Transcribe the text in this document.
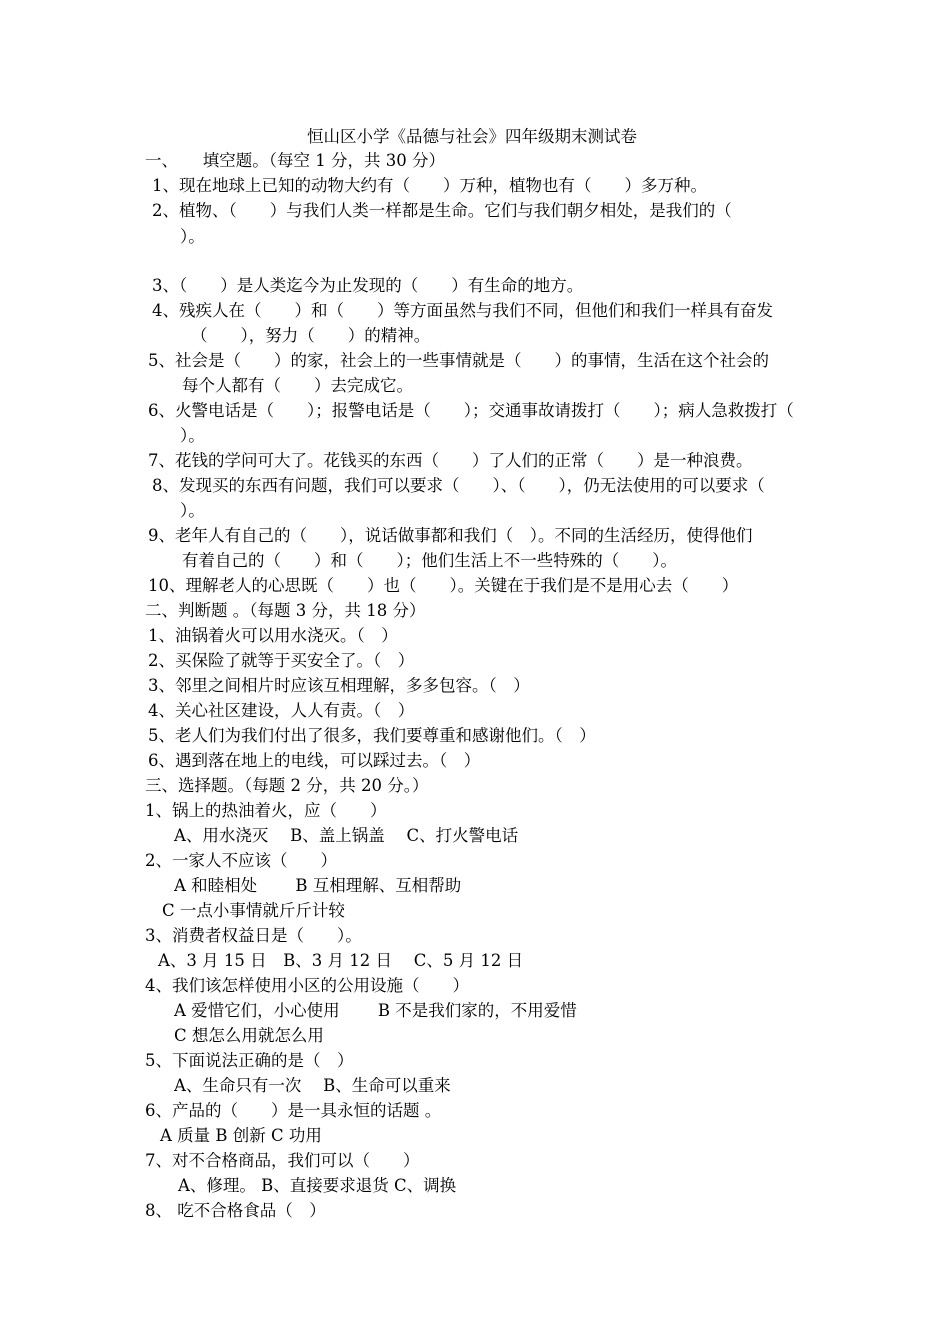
恒山区小学《品德与社会》四年级期末测试卷
一、　　填空题。（每空 1 分，共 30 分）
1、现在地球上已知的动物大约有（　　）万种，植物也有（　　）多万种。
2、植物、（　　）与我们人类一样都是生命。它们与我们朝夕相处，是我们的（
）。
3、（　　）是人类迄今为止发现的（　　）有生命的地方。
4、残疾人在（　　）和（　　）等方面虽然与我们不同，但他们和我们一样具有奋发
（　　），努力（　　）的精神。
5、社会是（　　）的家，社会上的一些事情就是（　　）的事情，生活在这个社会的
每个人都有（　　）去完成它。
6、火警电话是（　　）；报警电话是（　　）；交通事故请拨打（　　）；病人急救拨打（
）。
7、花钱的学问可大了。花钱买的东西（　　）了人们的正常（　　）是一种浪费。
8、发现买的东西有问题，我们可以要求（　　）、（　　），仍无法使用的可以要求（
）。
9、老年人有自己的（　　），说话做事都和我们（　）。不同的生活经历，使得他们
有着自己的（　　）和（　　）；他们生活上不一些特殊的（　　）。
10、理解老人的心思既（　　）也（　　）。关键在于我们是不是用心去（　　）
二、判断题 。（每题 3 分，共 18 分）
1、油锅着火可以用水浇灭。（　）
2、买保险了就等于买安全了。（　）
3、邻里之间相片时应该互相理解，多多包容。（　）
4、关心社区建设，人人有责。（　）
5、老人们为我们付出了很多，我们要尊重和感谢他们。（　）
6、遇到落在地上的电线，可以踩过去。（　）
三、选择题。（每题 2 分，共 20 分。）
1、锅上的热油着火，应（　　）
A、用水浇灭　 B、盖上锅盖　 C、打火警电话
2、一家人不应该（　　）
A 和睦相处　　 B 互相理解、互相帮助
C 一点小事情就斤斤计较
3、消费者权益日是（　　）。
A、3 月 15 日　B、3 月 12 日　 C、5 月 12 日
4、我们该怎样使用小区的公用设施（　　）
A 爱惜它们，小心使用　　 B 不是我们家的，不用爱惜
C 想怎么用就怎么用
5、下面说法正确的是（　）
A、生命只有一次　 B、生命可以重来
6、产品的（　　）是一具永恒的话题 。
A 质量 B 创新 C 功用
7、对不合格商品，我们可以（　　）
A、修理。 B、直接要求退货 C、调换
8、 吃不合格食品（　）
